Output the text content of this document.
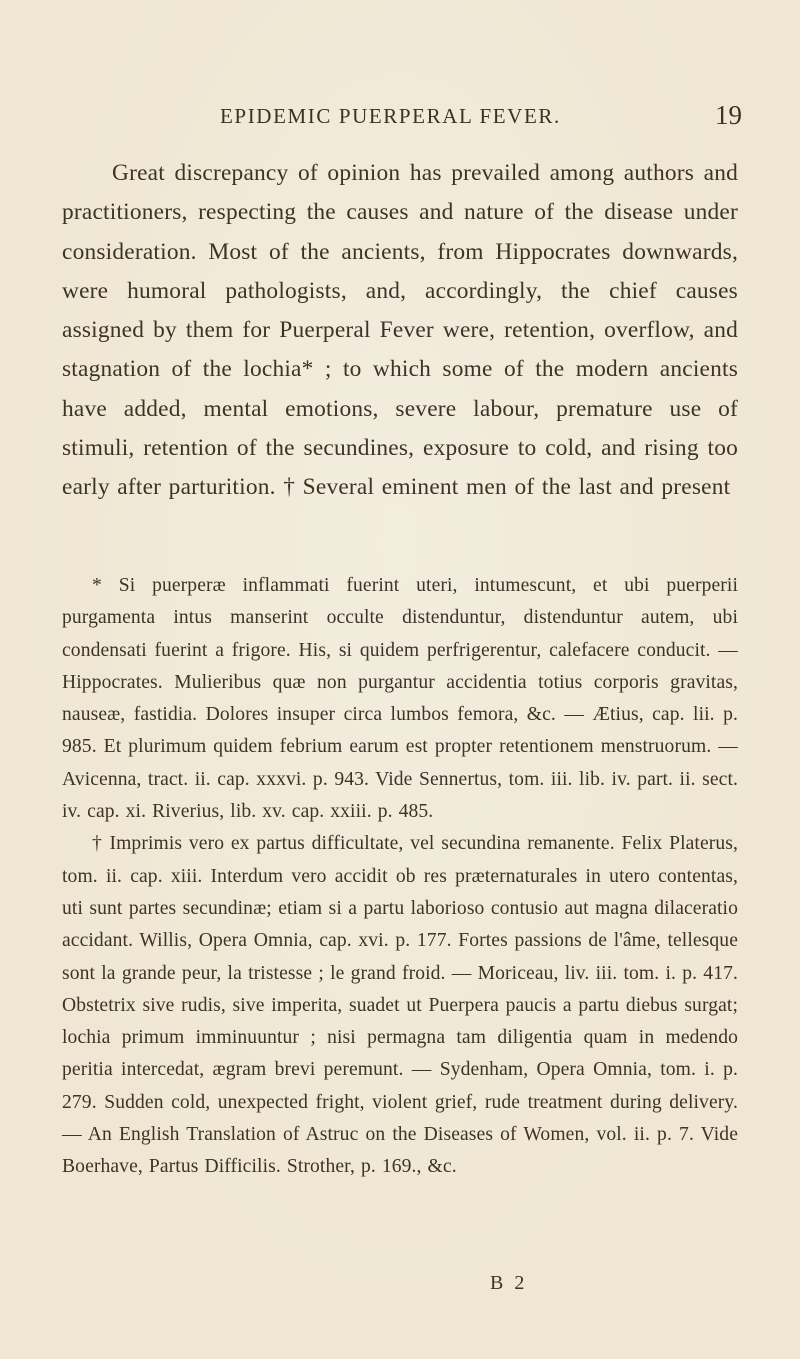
EPIDEMIC PUERPERAL FEVER.	19

Great discrepancy of opinion has prevailed among authors and practitioners, respecting the causes and nature of the disease under consideration. Most of the ancients, from Hippocrates downwards, were humoral pathologists, and, accordingly, the chief causes assigned by them for Puerperal Fever were, retention, overflow, and stagnation of the lochia* ; to which some of the modern ancients have added, mental emotions, severe labour, premature use of stimuli, retention of the secundines, exposure to cold, and rising too early after parturition. † Several eminent men of the last and present

* Si puerperæ inflammati fuerint uteri, intumescunt, et ubi puerperii purgamenta intus manserint occulte distenduntur, distenduntur autem, ubi condensati fuerint a frigore. His, si quidem perfrigerentur, calefacere conducit. — Hippocrates. Mulieribus quæ non purgantur accidentia totius corporis gravitas, nauseæ, fastidia. Dolores insuper circa lumbos femora, &c. — Ætius, cap. lii. p. 985. Et plurimum quidem febrium earum est propter retentionem menstruorum. — Avicenna, tract. ii. cap. xxxvi. p. 943. Vide Sennertus, tom. iii. lib. iv. part. ii. sect. iv. cap. xi. Riverius, lib. xv. cap. xxiii. p. 485.

† Imprimis vero ex partus difficultate, vel secundina remanente. Felix Platerus, tom. ii. cap. xiii. Interdum vero accidit ob res præternaturales in utero contentas, uti sunt partes secundinæ; etiam si a partu laborioso contusio aut magna dilaceratio accidant. Willis, Opera Omnia, cap. xvi. p. 177. Fortes passions de l'âme, tellesque sont la grande peur, la tristesse ; le grand froid. — Moriceau, liv. iii. tom. i. p. 417. Obstetrix sive rudis, sive imperita, suadet ut Puerpera paucis a partu diebus surgat; lochia primum imminuuntur ; nisi permagna tam diligentia quam in medendo peritia intercedat, ægram brevi peremunt. — Sydenham, Opera Omnia, tom. i. p. 279. Sudden cold, unexpected fright, violent grief, rude treatment during delivery. — An English Translation of Astruc on the Diseases of Women, vol. ii. p. 7. Vide Boerhave, Partus Difficilis. Strother, p. 169., &c.

B 2
